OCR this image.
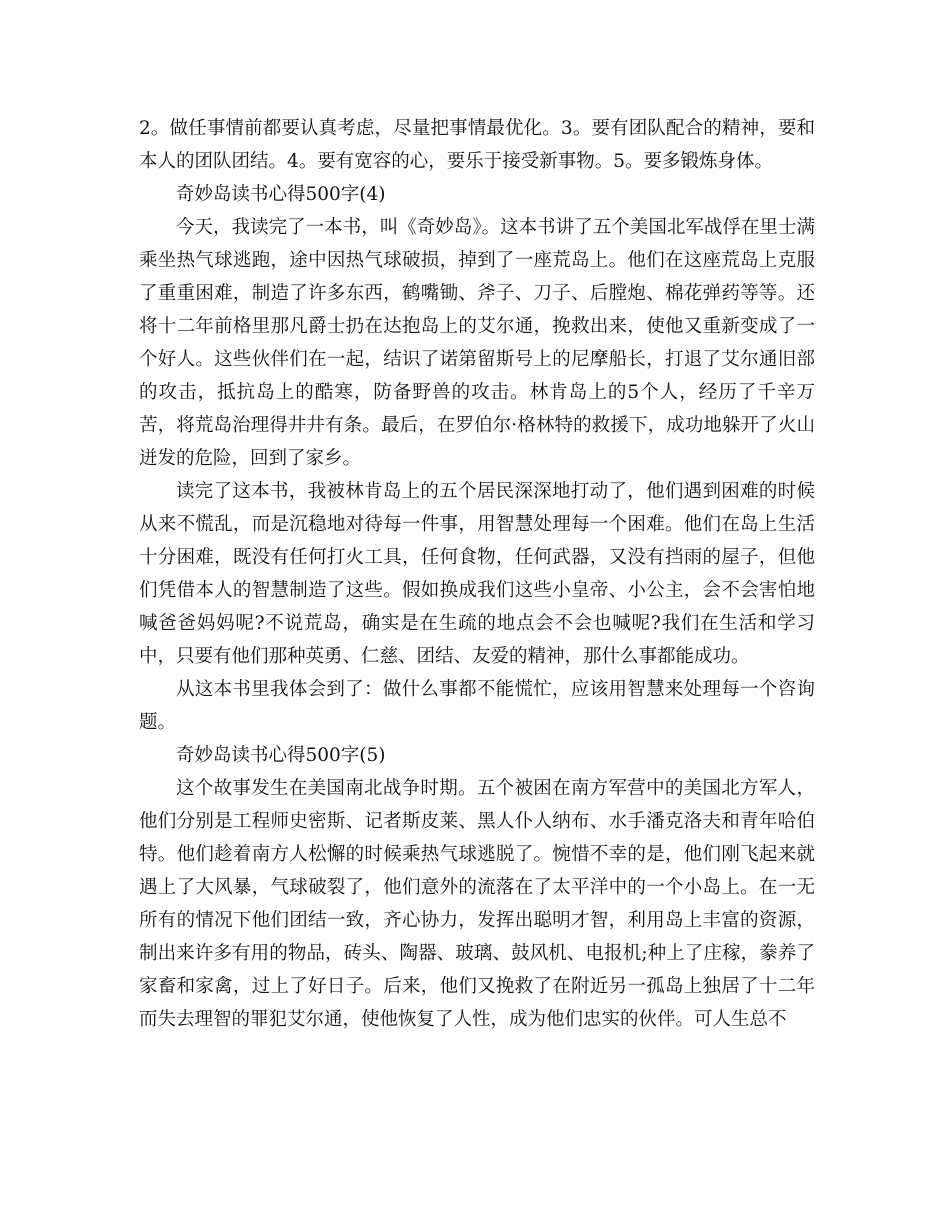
2。做任事情前都要认真考虑，尽量把事情最优化。3。要有团队配合的精神，要和本人的团队团结。4。要有宽容的心，要乐于接受新事物。5。要多锻炼身体。

奇妙岛读书心得500字(4)

今天，我读完了一本书，叫《奇妙岛》。这本书讲了五个美国北军战俘在里士满乘坐热气球逃跑，途中因热气球破损，掉到了一座荒岛上。他们在这座荒岛上克服了重重困难，制造了许多东西，鹤嘴锄、斧子、刀子、后膛炮、棉花弹药等等。还将十二年前格里那凡爵士扔在达抱岛上的艾尔通，挽救出来，使他又重新变成了一个好人。这些伙伴们在一起，结识了诺第留斯号上的尼摩船长，打退了艾尔通旧部的攻击，抵抗岛上的酷寒，防备野兽的攻击。林肯岛上的5个人，经历了千辛万苦，将荒岛治理得井井有条。最后，在罗伯尔·格林特的救援下，成功地躲开了火山迸发的危险，回到了家乡。

读完了这本书，我被林肯岛上的五个居民深深地打动了，他们遇到困难的时候从来不慌乱，而是沉稳地对待每一件事，用智慧处理每一个困难。他们在岛上生活十分困难，既没有任何打火工具，任何食物，任何武器，又没有挡雨的屋子，但他们凭借本人的智慧制造了这些。假如换成我们这些小皇帝、小公主，会不会害怕地喊爸爸妈妈呢?不说荒岛，确实是在生疏的地点会不会也喊呢?我们在生活和学习中，只要有他们那种英勇、仁慈、团结、友爱的精神，那什么事都能成功。

从这本书里我体会到了：做什么事都不能慌忙，应该用智慧来处理每一个咨询题。

奇妙岛读书心得500字(5)

这个故事发生在美国南北战争时期。五个被困在南方军营中的美国北方军人，他们分别是工程师史密斯、记者斯皮莱、黑人仆人纳布、水手潘克洛夫和青年哈伯特。他们趁着南方人松懈的时候乘热气球逃脱了。惋惜不幸的是，他们刚飞起来就遇上了大风暴，气球破裂了，他们意外的流落在了太平洋中的一个小岛上。在一无所有的情况下他们团结一致，齐心协力，发挥出聪明才智，利用岛上丰富的资源，制出来许多有用的物品，砖头、陶器、玻璃、鼓风机、电报机;种上了庄稼，豢养了家畜和家禽，过上了好日子。后来，他们又挽救了在附近另一孤岛上独居了十二年而失去理智的罪犯艾尔通，使他恢复了人性，成为他们忠实的伙伴。可人生总不
